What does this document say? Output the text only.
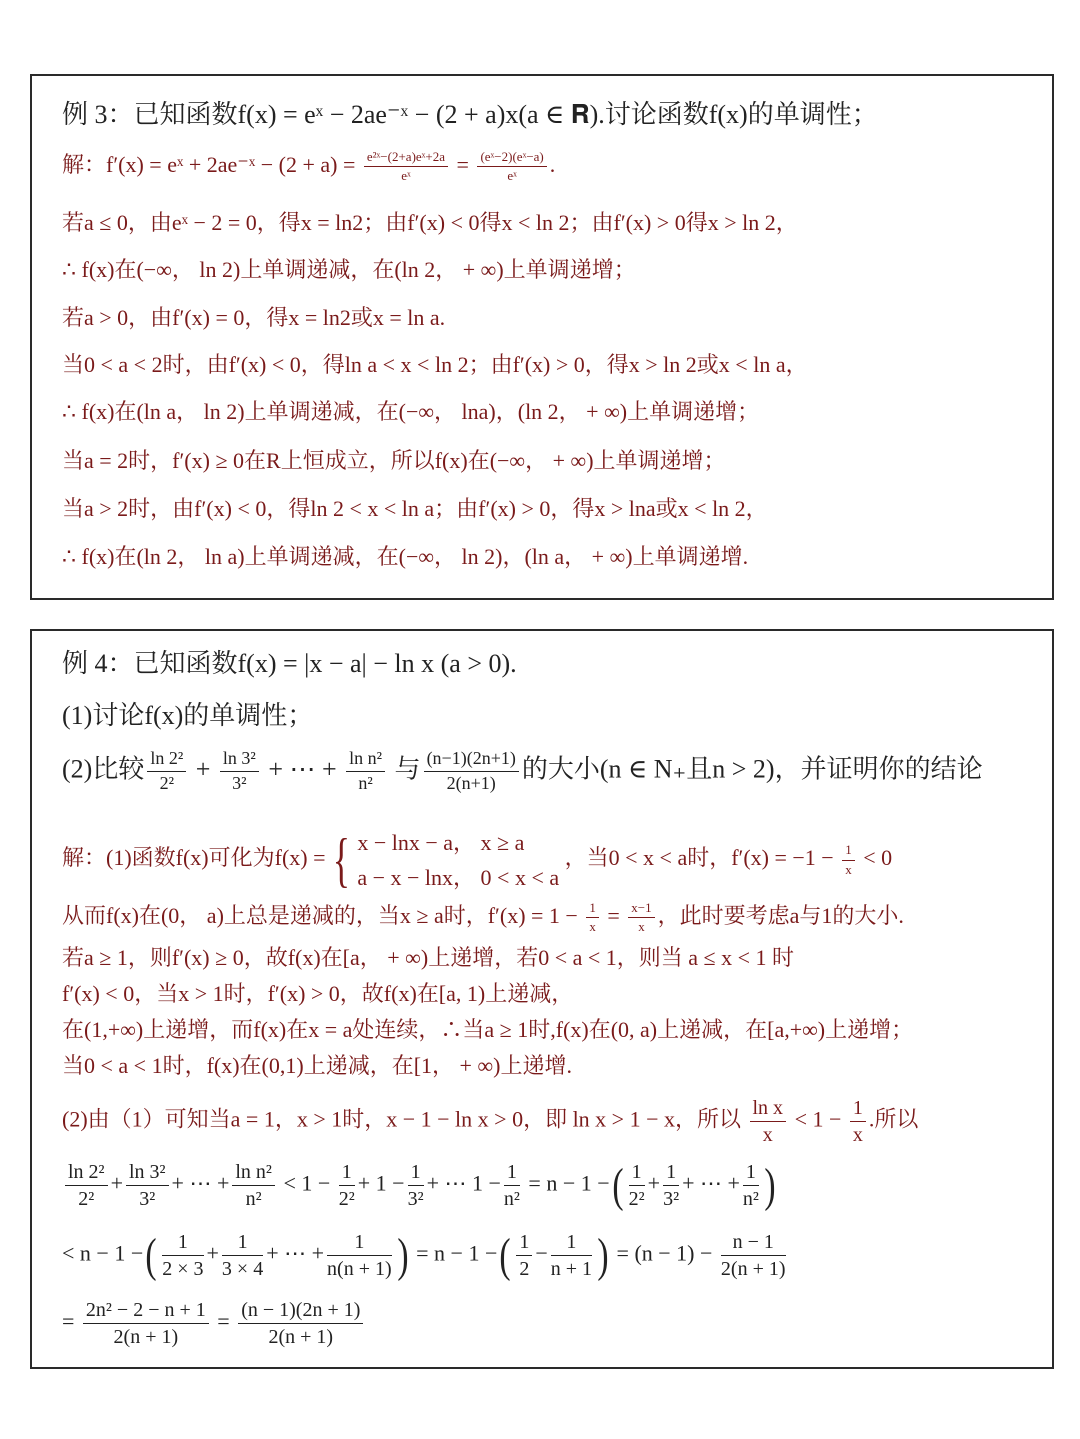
例 3：已知函数f(x) = eˣ − 2ae⁻ˣ − (2 + a)x(a ∈ 𝐑).讨论函数f(x)的单调性；
解：f′(x) = eˣ + 2ae⁻ˣ − $(2 + a) = \frac{\text{e²ˣ−(2+a)eˣ+2a}}{\text{eˣ}} = \frac{\text{(eˣ−2)(eˣ−a)}}{\text{eˣ}}$ .
若a ≤ 0，由eˣ − 2 = 0，得x = ln2；由f′(x) < 0得x < ln 2；由f′(x) > 0得x > ln 2，
∴ f(x)在(−∞， ln 2)上单调递减，在(ln 2， + ∞)上单调递增；
若a > 0，由f′(x) = 0，得x = ln2或x = ln a.
当0 < a < 2时，由f′(x) < 0，得ln a < x < ln 2；由f′(x) > 0，得x > ln 2或x < ln a，
∴ f(x)在(ln a， ln 2)上单调递减，在(−∞， lna)，(ln 2， + ∞)上单调递增；
当a = 2时，f′(x) ≥ 0在R上恒成立，所以f(x)在(−∞， + ∞)上单调递增；
当a > 2时，由f′(x) < 0，得ln 2 < x < ln a；由f′(x) > 0，得x > lna或x < ln 2，
∴ f(x)在(ln 2， ln a)上单调递减，在(−∞， ln 2)，(ln a， + ∞)上单调递增.
例 4：已知函数f(x) = |x − a| − ln x (a > 0).
(1)讨论f(x)的单调性；
(2)比较 $\frac{\text{ln 2²}}{\text{2²}} + \frac{\text{ln 3²}}{\text{3²}}$ + ⋯ + $\frac{\text{ln n²}}{\text{n²}}$ 与 $\frac{(n-1)(2n+1)}{2(n+1)}$ 的大小(n ∈ N₊且n > 2)，并证明你的结论
解：(1)函数f(x)可化为f(x) = { x − lnx − a， x ≥ a
a − x − lnx， 0 < x < a
，当0 < x < a时，$f'(x) = -1 - \frac{1}{x} < 0$
从而f(x)在(0， a)上总是递减的，当x ≥ a时，$f'(x) = 1 - \frac{1}{x} = \frac{x-1}{x}$ ，此时要考虑a与1的大小.
若a ≥ 1，则f′(x) ≥ 0，故f(x)在[a， + ∞)上递增，若0 < a < 1，则当 a ≤ x < 1 时
f′(x) < 0，当x > 1时，f′(x) > 0，故f(x)在[a, 1)上递减，
在(1,+∞)上递增，而f(x)在x = a处连续，∴当a ≥ 1时,f(x)在(0, a)上递减，在[a,+∞)上递增；
当0 < a < 1时，f(x)在(0,1)上递减，在[1， + ∞)上递增.
(2)由（1）可知当a = 1，x > 1时，x − 1 − ln x > 0，即 ln x > 1 − x，所以 $\frac{\text{ln x}}{x} < 1 - \frac{1}{x}$ .所以
$\frac{\text{ln 2²}}{\text{2²}} + \frac{\text{ln 3²}}{\text{3²}}$ + ⋯ + $\frac{\text{ln n²}}{\text{n²}} < 1 - \frac{1}{\text{2²}} + 1 - \frac{1}{\text{3²}}$ + ⋯ $1 - \frac{1}{\text{n²}} = n - 1$ −( $\frac{1}{\text{2²}} + \frac{1}{\text{3²}}$ + ⋯ + $\frac{1}{\text{n²}}$ )
< n − 1 −( $\frac{1}{2 \times 3} + \frac{1}{3 \times 4}$ + ⋯ + $\frac{1}{n(n + 1)}$ ) = n − 1 −( $\frac{1}{2} - \frac{1}{n + 1}$ ) = $(n - 1) - \frac{n - 1}{2(n + 1)}$
= $\frac{\text{2n² − 2 − n + 1}}{2(n + 1)} = \frac{(n - 1)(2n + 1)}{2(n + 1)}$
